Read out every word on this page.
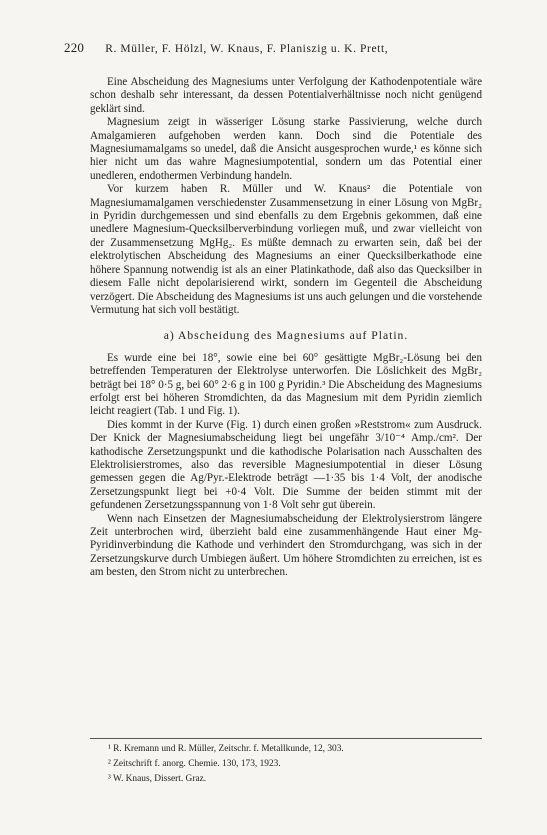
220 R. Müller, F. Hölzl, W. Knaus, F. Planiszig u. K. Prett,

Eine Abscheidung des Magnesiums unter Verfolgung der Kathodenpotentiale wäre schon deshalb sehr interessant, da dessen Potentialverhältnisse noch nicht genügend geklärt sind.

Magnesium zeigt in wässeriger Lösung starke Passivierung, welche durch Amalgamieren aufgehoben werden kann. Doch sind die Potentiale des Magnesiumamalgams so unedel, daß die Ansicht ausgesprochen wurde,¹ es könne sich hier nicht um das wahre Magnesiumpotential, sondern um das Potential einer unedleren, endothermen Verbindung handeln.

Vor kurzem haben R. Müller und W. Knaus² die Potentiale von Magnesiumamalgamen verschiedenster Zusammensetzung in einer Lösung von MgBr₂ in Pyridin durchgemessen und sind ebenfalls zu dem Ergebnis gekommen, daß eine unedlere Magnesium-Quecksilberverbindung vorliegen muß, und zwar vielleicht von der Zusammensetzung MgHg₂. Es müßte demnach zu erwarten sein, daß bei der elektrolytischen Abscheidung des Magnesiums an einer Quecksilberkathode eine höhere Spannung notwendig ist als an einer Platinkathode, daß also das Quecksilber in diesem Falle nicht depolarisierend wirkt, sondern im Gegenteil die Abscheidung verzögert. Die Abscheidung des Magnesiums ist uns auch gelungen und die vorstehende Vermutung hat sich voll bestätigt.

a) Abscheidung des Magnesiums auf Platin.

Es wurde eine bei 18°, sowie eine bei 60° gesättigte MgBr₂-Lösung bei den betreffenden Temperaturen der Elektrolyse unterworfen. Die Löslichkeit des MgBr₂ beträgt bei 18° 0·5 g, bei 60° 2·6 g in 100 g Pyridin.³ Die Abscheidung des Magnesiums erfolgt erst bei höheren Stromdichten, da das Magnesium mit dem Pyridin ziemlich leicht reagiert (Tab. 1 und Fig. 1).

Dies kommt in der Kurve (Fig. 1) durch einen großen »Reststrom« zum Ausdruck. Der Knick der Magnesiumabscheidung liegt bei ungefähr 3/10⁻⁴ Amp./cm². Der kathodische Zersetzungspunkt und die kathodische Polarisation nach Ausschalten des Elektrolisierstromes, also das reversible Magnesiumpotential in dieser Lösung gemessen gegen die Ag/Pyr.-Elektrode beträgt —1·35 bis 1·4 Volt, der anodische Zersetzungspunkt liegt bei +0·4 Volt. Die Summe der beiden stimmt mit der gefundenen Zersetzungsspannung von 1·8 Volt sehr gut überein.

Wenn nach Einsetzen der Magnesiumabscheidung der Elektrolysierstrom längere Zeit unterbrochen wird, überzieht bald eine zusammenhängende Haut einer Mg-Pyridinverbindung die Kathode und verhindert den Stromdurchgang, was sich in der Zersetzungskurve durch Umbiegen äußert. Um höhere Stromdichten zu erreichen, ist es am besten, den Strom nicht zu unterbrechen.

¹ R. Kremann und R. Müller, Zeitschr. f. Metallkunde, 12, 303.
² Zeitschrift f. anorg. Chemie. 130, 173, 1923.
³ W. Knaus, Dissert. Graz.
